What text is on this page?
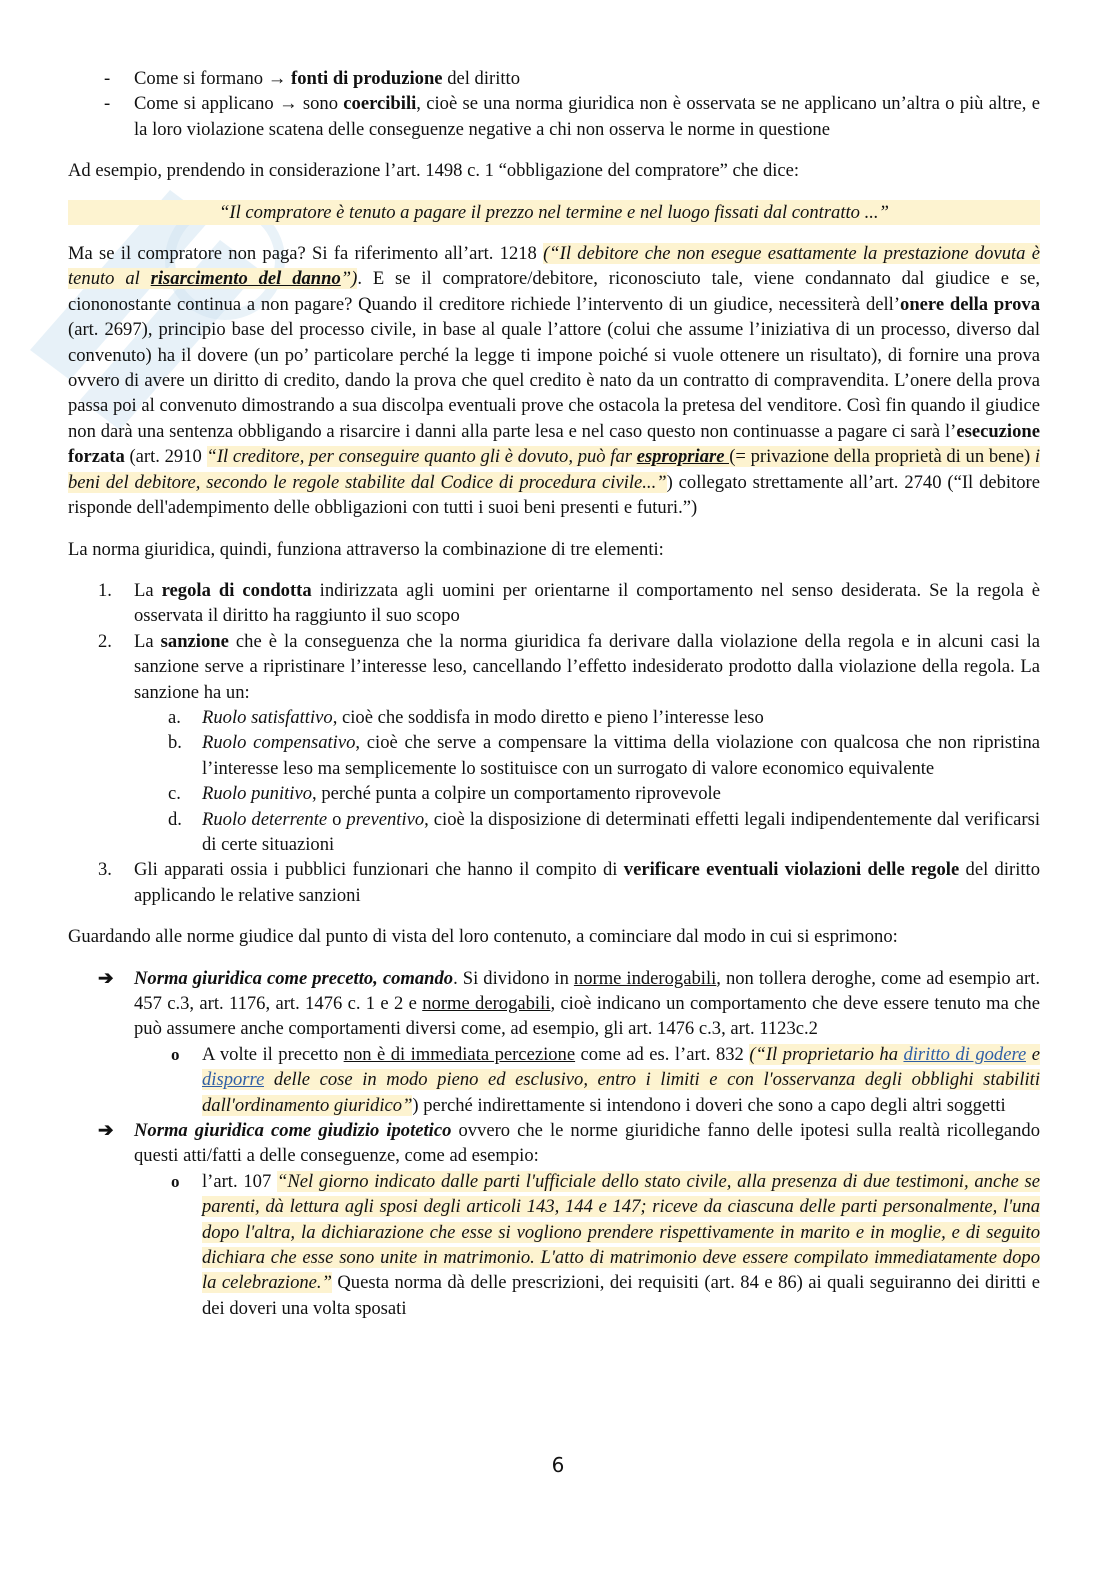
- Come si formano → fonti di produzione del diritto
- Come si applicano → sono coercibili, cioè se una norma giuridica non è osservata se ne applicano un’altra o più altre, e la loro violazione scatena delle conseguenze negative a chi non osserva le norme in questione

Ad esempio, prendendo in considerazione l’art. 1498 c. 1 “obbligazione del compratore” che dice:

“Il compratore è tenuto a pagare il prezzo nel termine e nel luogo fissati dal contratto ...”

Ma se il compratore non paga? Si fa riferimento all’art. 1218 (“Il debitore che non esegue esattamente la prestazione dovuta è tenuto al risarcimento del danno”). E se il compratore/debitore, riconosciuto tale, viene condannato dal giudice e se, ciononostante continua a non pagare? Quando il creditore richiede l’intervento di un giudice, necessiterà dell’onere della prova (art. 2697), principio base del processo civile, in base al quale l’attore (colui che assume l’iniziativa di un processo, diverso dal convenuto) ha il dovere (un po’ particolare perché la legge ti impone poiché si vuole ottenere un risultato), di fornire una prova ovvero di avere un diritto di credito, dando la prova che quel credito è nato da un contratto di compravendita. L’onere della prova passa poi al convenuto dimostrando a sua discolpa eventuali prove che ostacola la pretesa del venditore. Così fin quando il giudice non darà una sentenza obbligando a risarcire i danni alla parte lesa e nel caso questo non continuasse a pagare ci sarà l’esecuzione forzata (art. 2910 “Il creditore, per conseguire quanto gli è dovuto, può far espropriare (= privazione della proprietà di un bene) i beni del debitore, secondo le regole stabilite dal Codice di procedura civile...”) collegato strettamente all’art. 2740 (“Il debitore risponde dell'adempimento delle obbligazioni con tutti i suoi beni presenti e futuri.”)

La norma giuridica, quindi, funziona attraverso la combinazione di tre elementi:

1. La regola di condotta indirizzata agli uomini per orientarne il comportamento nel senso desiderata. Se la regola è osservata il diritto ha raggiunto il suo scopo
2. La sanzione che è la conseguenza che la norma giuridica fa derivare dalla violazione della regola e in alcuni casi la sanzione serve a ripristinare l’interesse leso, cancellando l’effetto indesiderato prodotto dalla violazione della regola. La sanzione ha un:
a. Ruolo satisfattivo, cioè che soddisfa in modo diretto e pieno l’interesse leso
b. Ruolo compensativo, cioè che serve a compensare la vittima della violazione con qualcosa che non ripristina l’interesse leso ma semplicemente lo sostituisce con un surrogato di valore economico equivalente
c. Ruolo punitivo, perché punta a colpire un comportamento riprovevole
d. Ruolo deterrente o preventivo, cioè la disposizione di determinati effetti legali indipendentemente dal verificarsi di certe situazioni
3. Gli apparati ossia i pubblici funzionari che hanno il compito di verificare eventuali violazioni delle regole del diritto applicando le relative sanzioni

Guardando alle norme giudice dal punto di vista del loro contenuto, a cominciare dal modo in cui si esprimono:

➔ Norma giuridica come precetto, comando. Si dividono in norme inderogabili, non tollera deroghe, come ad esempio art. 457 c.3, art. 1176, art. 1476 c. 1 e 2 e norme derogabili, cioè indicano un comportamento che deve essere tenuto ma che può assumere anche comportamenti diversi come, ad esempio, gli art. 1476 c.3, art. 1123c.2
o A volte il precetto non è di immediata percezione come ad es. l’art. 832 (“Il proprietario ha diritto di godere e disporre delle cose in modo pieno ed esclusivo, entro i limiti e con l'osservanza degli obblighi stabiliti dall'ordinamento giuridico”) perché indirettamente si intendono i doveri che sono a capo degli altri soggetti
➔ Norma giuridica come giudizio ipotetico ovvero che le norme giuridiche fanno delle ipotesi sulla realtà ricollegando questi atti/fatti a delle conseguenze, come ad esempio:
o l’art. 107 “Nel giorno indicato dalle parti l'ufficiale dello stato civile, alla presenza di due testimoni, anche se parenti, dà lettura agli sposi degli articoli 143, 144 e 147; riceve da ciascuna delle parti personalmente, l'una dopo l'altra, la dichiarazione che esse si vogliono prendere rispettivamente in marito e in moglie, e di seguito dichiara che esse sono unite in matrimonio. L'atto di matrimonio deve essere compilato immediatamente dopo la celebrazione.” Questa norma dà delle prescrizioni, dei requisiti (art. 84 e 86) ai quali seguiranno dei diritti e dei doveri una volta sposati
6
